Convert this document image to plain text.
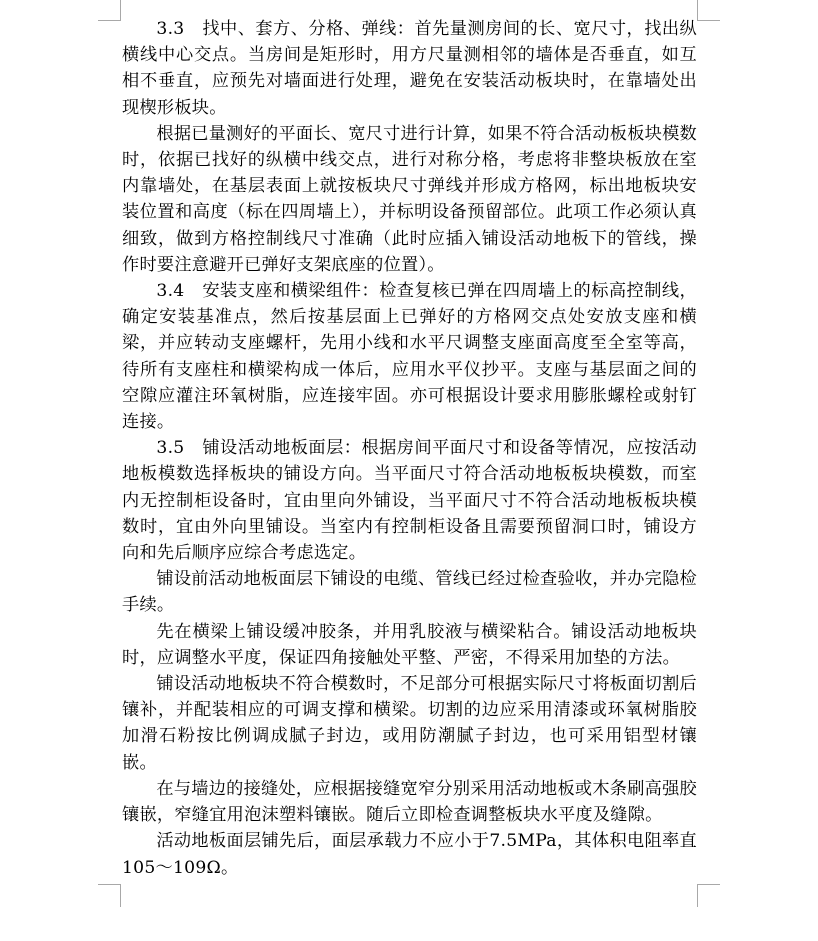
3.3　找中、套方、分格、弹线：首先量测房间的长、宽尺寸，找出纵横线中心交点。当房间是矩形时，用方尺量测相邻的墙体是否垂直，如互相不垂直，应预先对墙面进行处理，避免在安装活动板块时，在靠墙处出现楔形板块。

根据已量测好的平面长、宽尺寸进行计算，如果不符合活动板板块模数时，依据已找好的纵横中线交点，进行对称分格，考虑将非整块板放在室内靠墙处，在基层表面上就按板块尺寸弹线并形成方格网，标出地板块安装位置和高度（标在四周墙上），并标明设备预留部位。此项工作必须认真细致，做到方格控制线尺寸准确（此时应插入铺设活动地板下的管线，操作时要注意避开已弹好支架底座的位置）。

3.4　安装支座和横梁组件：检查复核已弹在四周墙上的标高控制线，确定安装基准点，然后按基层面上已弹好的方格网交点处安放支座和横梁，并应转动支座螺杆，先用小线和水平尺调整支座面高度至全室等高，待所有支座柱和横梁构成一体后，应用水平仪抄平。支座与基层面之间的空隙应灌注环氧树脂，应连接牢固。亦可根据设计要求用膨胀螺栓或射钉连接。

3.5　铺设活动地板面层：根据房间平面尺寸和设备等情况，应按活动地板模数选择板块的铺设方向。当平面尺寸符合活动地板板块模数，而室内无控制柜设备时，宜由里向外铺设，当平面尺寸不符合活动地板板块模数时，宜由外向里铺设。当室内有控制柜设备且需要预留洞口时，铺设方向和先后顺序应综合考虑选定。

铺设前活动地板面层下铺设的电缆、管线已经过检查验收，并办完隐检手续。

先在横梁上铺设缓冲胶条，并用乳胶液与横梁粘合。铺设活动地板块时，应调整水平度，保证四角接触处平整、严密，不得采用加垫的方法。

铺设活动地板块不符合模数时，不足部分可根据实际尺寸将板面切割后镶补，并配装相应的可调支撑和横梁。切割的边应采用清漆或环氧树脂胶加滑石粉按比例调成腻子封边，或用防潮腻子封边，也可采用铝型材镶嵌。

在与墙边的接缝处，应根据接缝宽窄分别采用活动地板或木条刷高强胶镶嵌，窄缝宜用泡沫塑料镶嵌。随后立即检查调整板块水平度及缝隙。

活动地板面层铺先后，面层承载力不应小于7.5MPa，其体积电阻率直105～109Ω。
